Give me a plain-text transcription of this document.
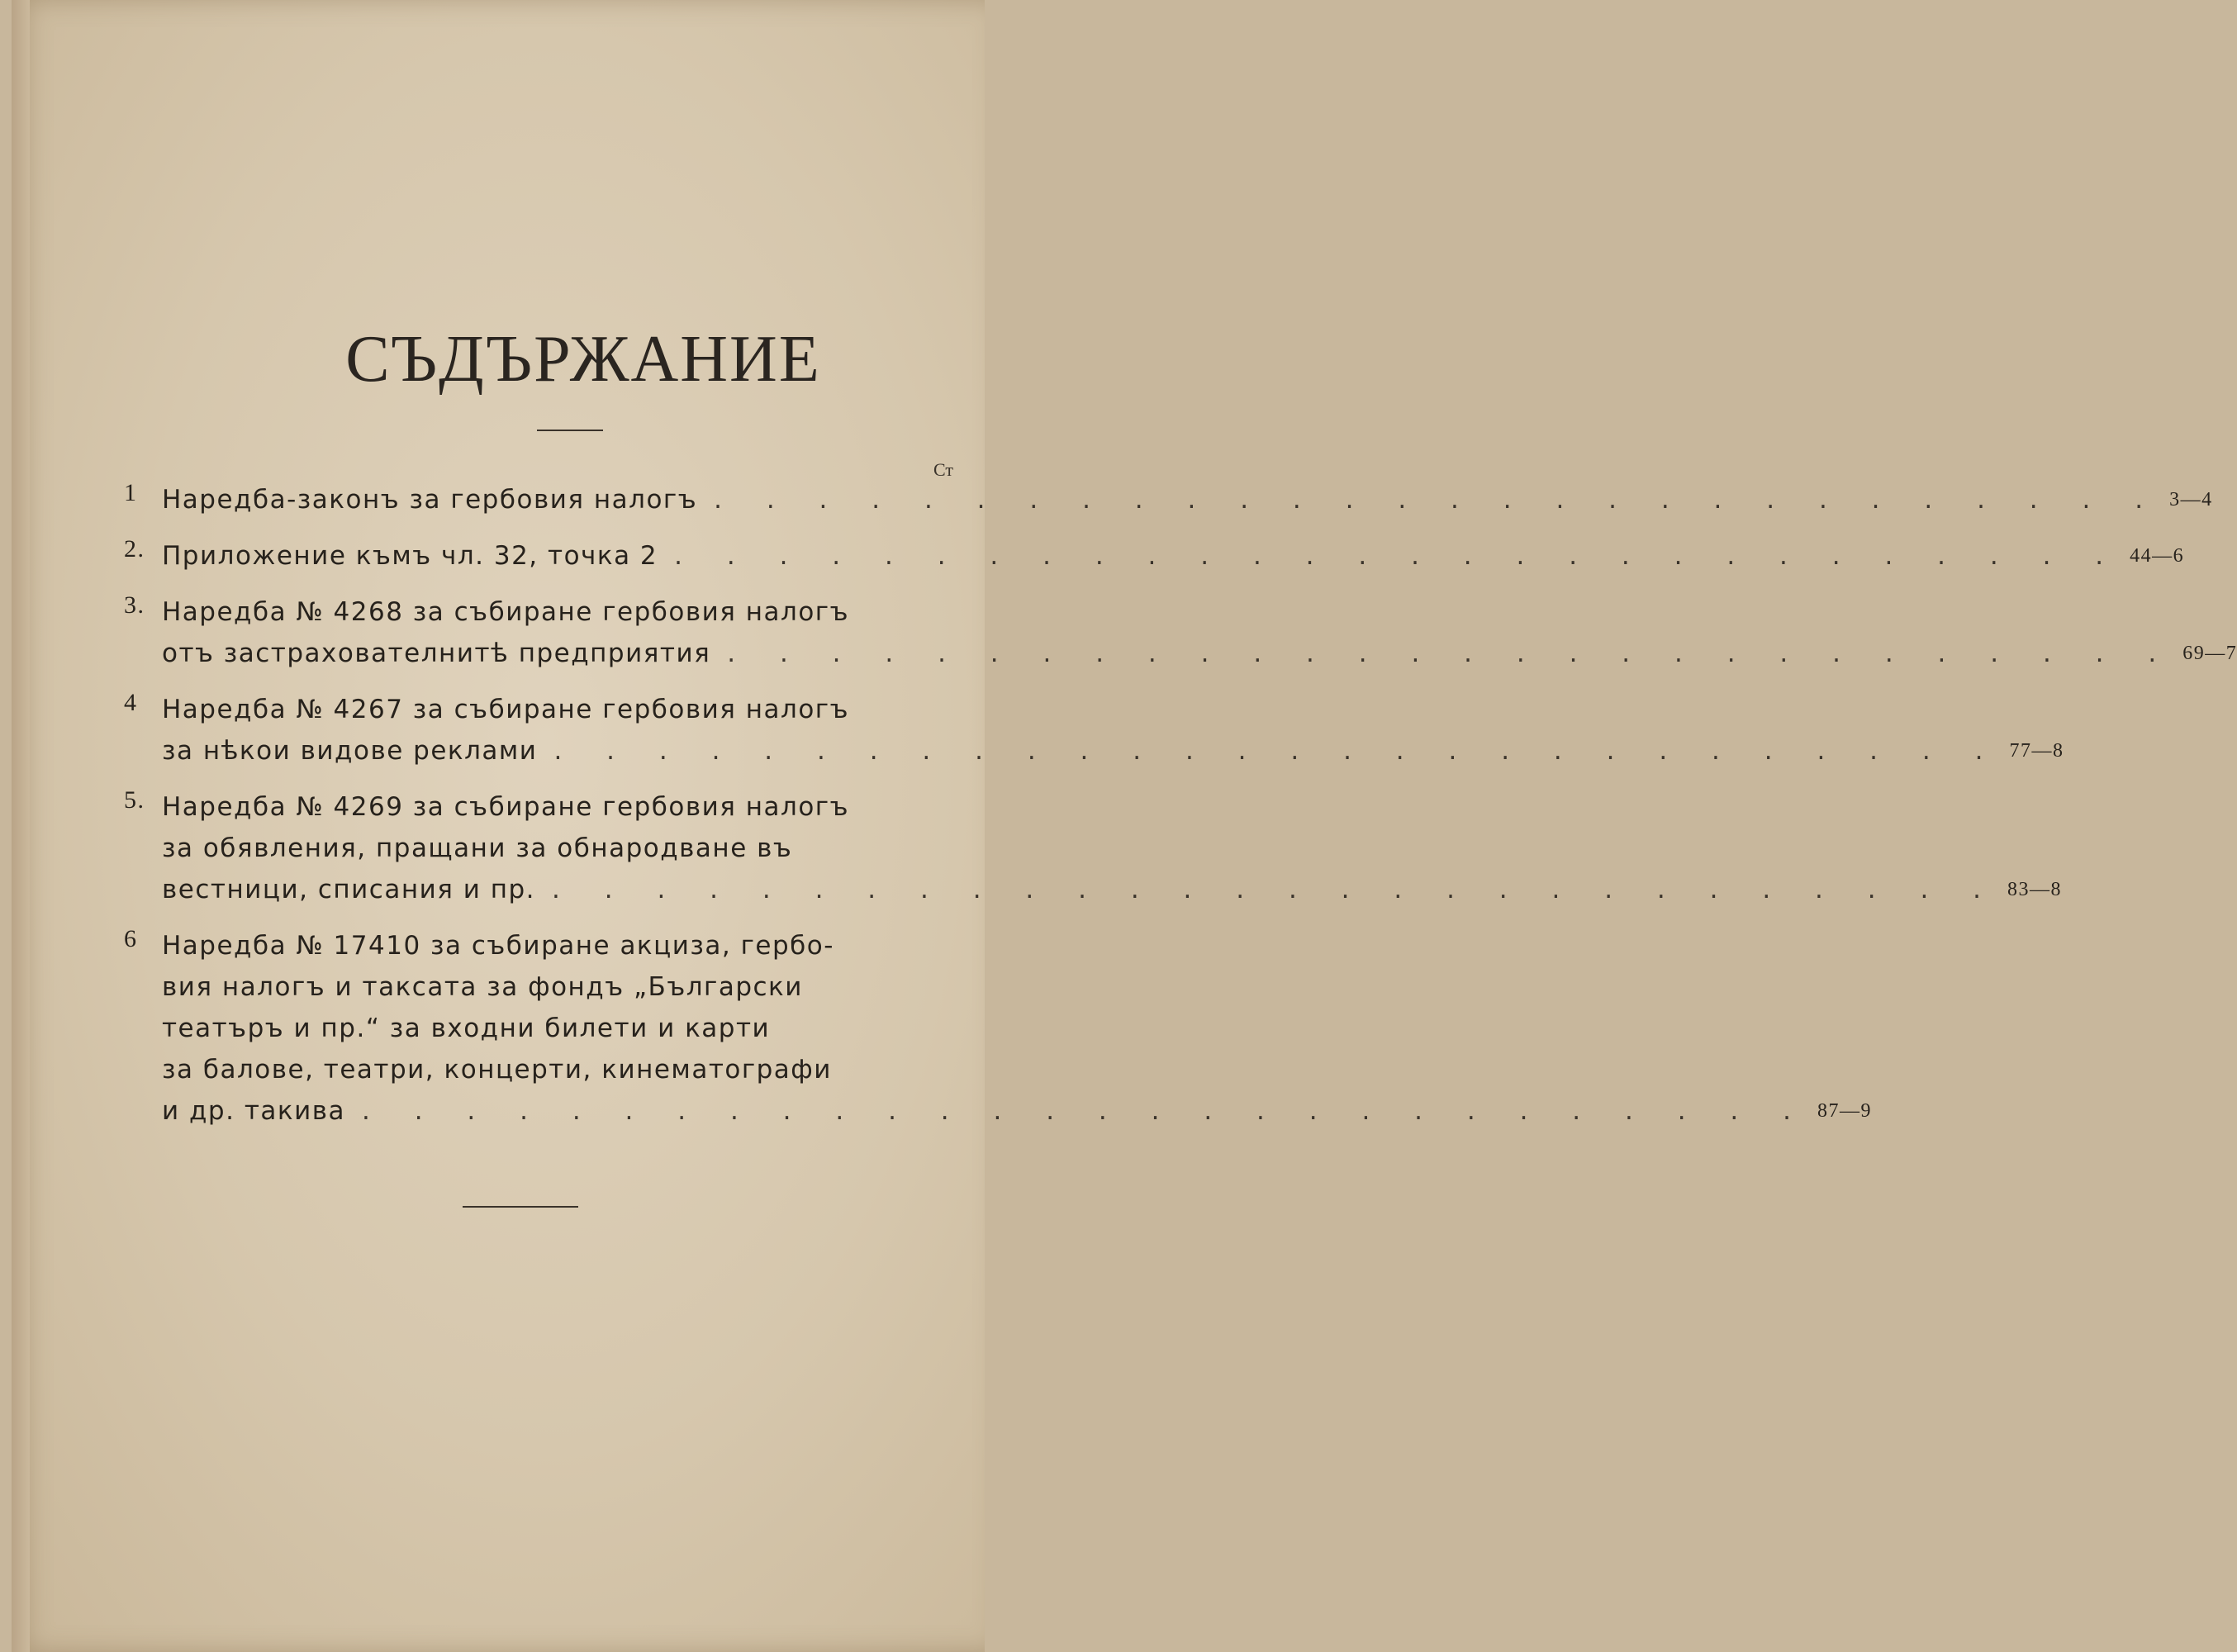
СЪДЪРЖАНИЕ
Ст
1 Наредба-законъ за гербовия налогъ . . . . . . . . . . . . . . . . . . . . . . . . . . . . 3—4
2. Приложение къмъ чл. 32, точка 2 . . . . . . . . . . . . . . . . . . . . . . . . . . . . 44—6
3. Наредба № 4268 за събиране гербовия налогъ
отъ застрахователнитѣ предприятия . . . . . . . . . . . . . . . . . . . . . . . . . . . . 69—7
4 Наредба № 4267 за събиране гербовия налогъ
за нѣкои видове реклами . . . . . . . . . . . . . . . . . . . . . . . . . . . . 77—8
5. Наредба № 4269 за събиране гербовия налогъ
за обявления, пращани за обнародване въ
вестници, списания и пр. . . . . . . . . . . . . . . . . . . . . . . . . . . . . 83—8
6 Наредба № 17410 за събиране акциза, гербо-
вия налогъ и таксата за фондъ „Български
театъръ и пр.“ за входни билети и карти
за балове, театри, концерти, кинематографи
и др. такива . . . . . . . . . . . . . . . . . . . . . . . . . . . . 87—9
